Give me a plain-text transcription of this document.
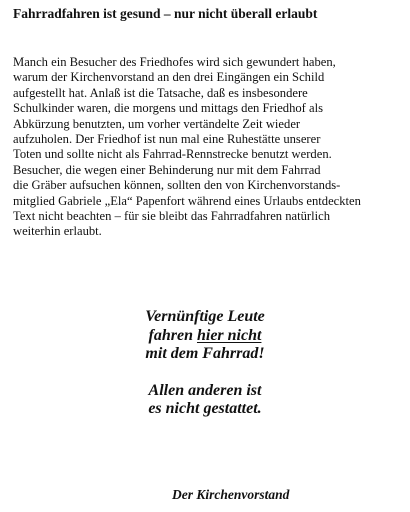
Fahrradfahren ist gesund – nur nicht überall erlaubt
Manch ein Besucher des Friedhofes wird sich gewundert haben,
warum der Kirchenvorstand an den drei Eingängen ein Schild
aufgestellt hat. Anlaß ist die Tatsache, daß es insbesondere
Schulkinder waren, die morgens und mittags den Friedhof als
Abkürzung benutzten, um vorher vertändelte Zeit wieder
aufzuholen. Der Friedhof ist nun mal eine Ruhestätte unserer
Toten und sollte nicht als Fahrrad-Rennstrecke benutzt werden.
Besucher, die wegen einer Behinderung nur mit dem Fahrrad
die Gräber aufsuchen können, sollten den von Kirchenvorstands-
mitglied Gabriele „Ela“ Papenfort während eines Urlaubs entdeckten
Text nicht beachten – für sie bleibt das Fahrradfahren natürlich
weiterhin erlaubt.
Vernünftige Leute
fahren hier nicht
mit dem Fahrrad!
Allen anderen ist
es nicht gestattet.
Der Kirchenvorstand
